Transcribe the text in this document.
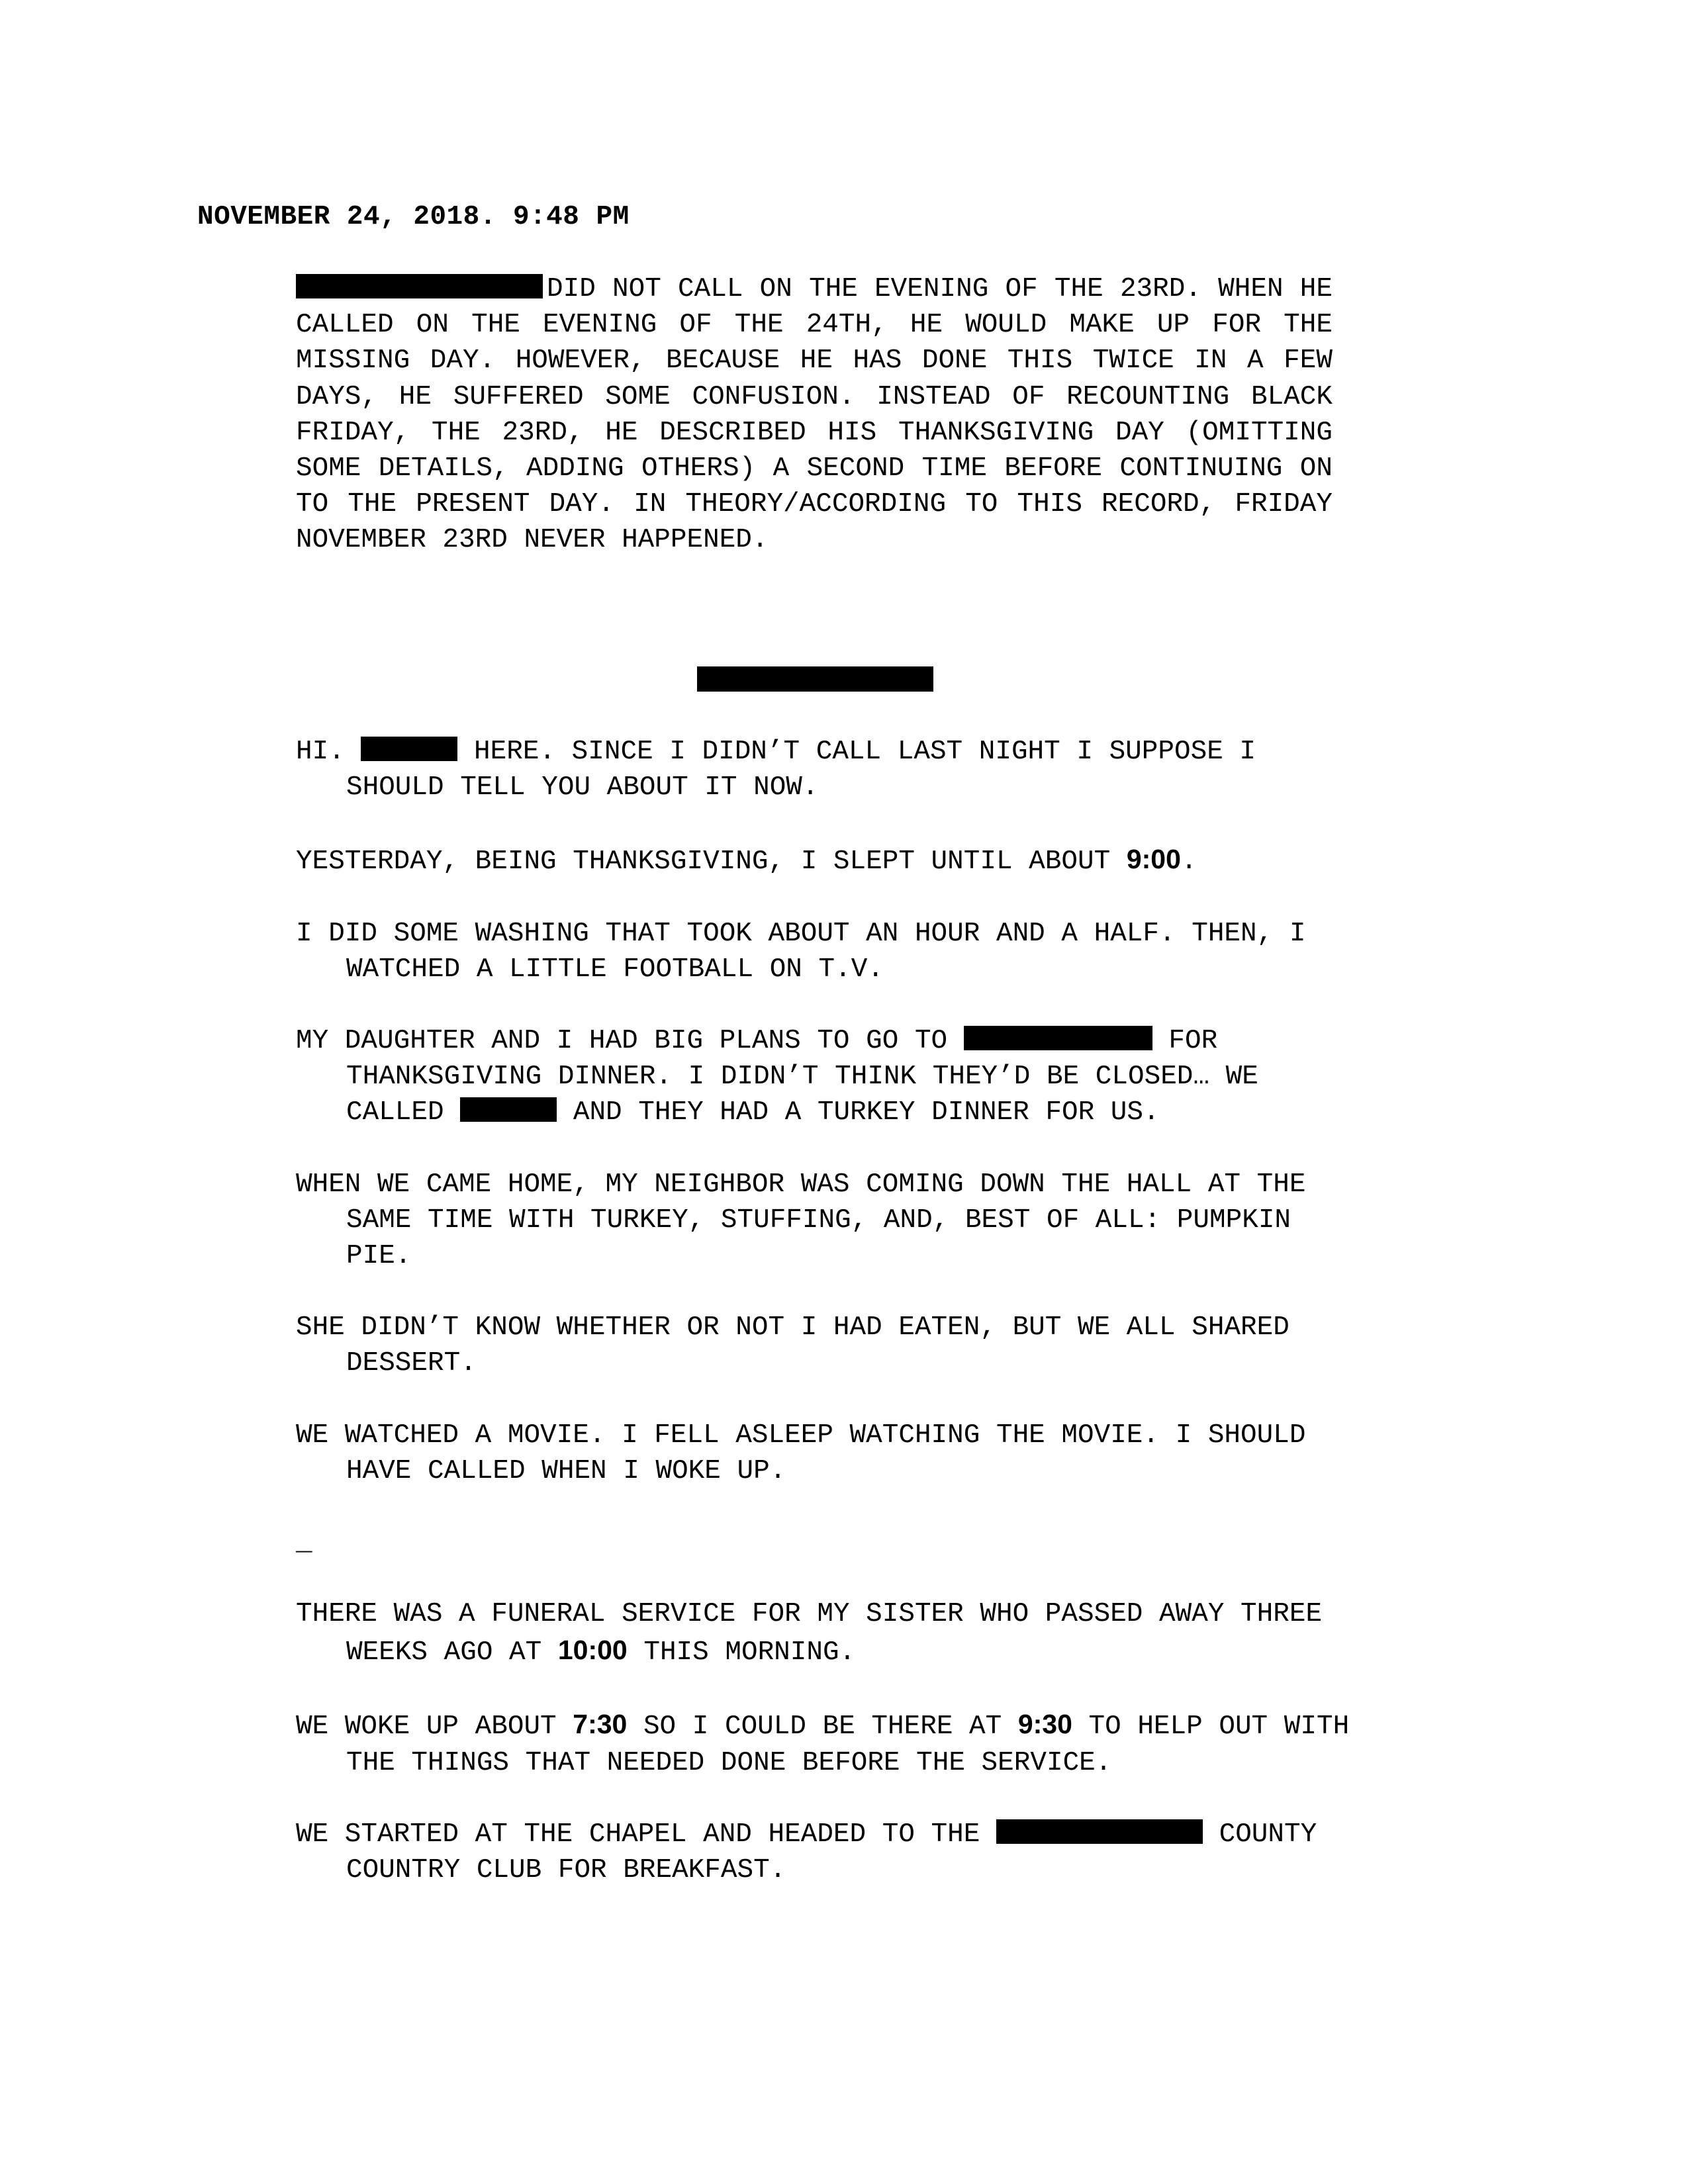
NOVEMBER 24, 2018. 9:48 PM
DID NOT CALL ON THE EVENING OF THE 23RD. WHEN HE CALLED ON THE EVENING OF THE 24TH, HE WOULD MAKE UP FOR THE MISSING DAY. HOWEVER, BECAUSE HE HAS DONE THIS TWICE IN A FEW DAYS, HE SUFFERED SOME CONFUSION. INSTEAD OF RECOUNTING BLACK FRIDAY, THE 23RD, HE DESCRIBED HIS THANKSGIVING DAY (OMITTING SOME DETAILS, ADDING OTHERS) A SECOND TIME BEFORE CONTINUING ON TO THE PRESENT DAY. IN THEORY/ACCORDING TO THIS RECORD, FRIDAY NOVEMBER 23RD NEVER HAPPENED.

HI.	HERE. SINCE I DIDN’T CALL LAST NIGHT I SUPPOSE I SHOULD TELL YOU ABOUT IT NOW.

YESTERDAY, BEING THANKSGIVING, I SLEPT UNTIL ABOUT 9:00.

I DID SOME WASHING THAT TOOK ABOUT AN HOUR AND A HALF. THEN, I WATCHED A LITTLE FOOTBALL ON T.V.

MY DAUGHTER AND I HAD BIG PLANS TO GO TO	FOR THANKSGIVING DINNER. I DIDN’T THINK THEY’D BE CLOSED… WE CALLED	AND THEY HAD A TURKEY DINNER FOR US.

WHEN WE CAME HOME, MY NEIGHBOR WAS COMING DOWN THE HALL AT THE SAME TIME WITH TURKEY, STUFFING, AND, BEST OF ALL: PUMPKIN PIE.

SHE DIDN’T KNOW WHETHER OR NOT I HAD EATEN, BUT WE ALL SHARED DESSERT.

WE WATCHED A MOVIE. I FELL ASLEEP WATCHING THE MOVIE. I SHOULD HAVE CALLED WHEN I WOKE UP.

_

THERE WAS A FUNERAL SERVICE FOR MY SISTER WHO PASSED AWAY THREE WEEKS AGO AT 10:00 THIS MORNING.

WE WOKE UP ABOUT 7:30 SO I COULD BE THERE AT 9:30 TO HELP OUT WITH THE THINGS THAT NEEDED DONE BEFORE THE SERVICE.

WE STARTED AT THE CHAPEL AND HEADED TO THE	COUNTY COUNTRY CLUB FOR BREAKFAST.
